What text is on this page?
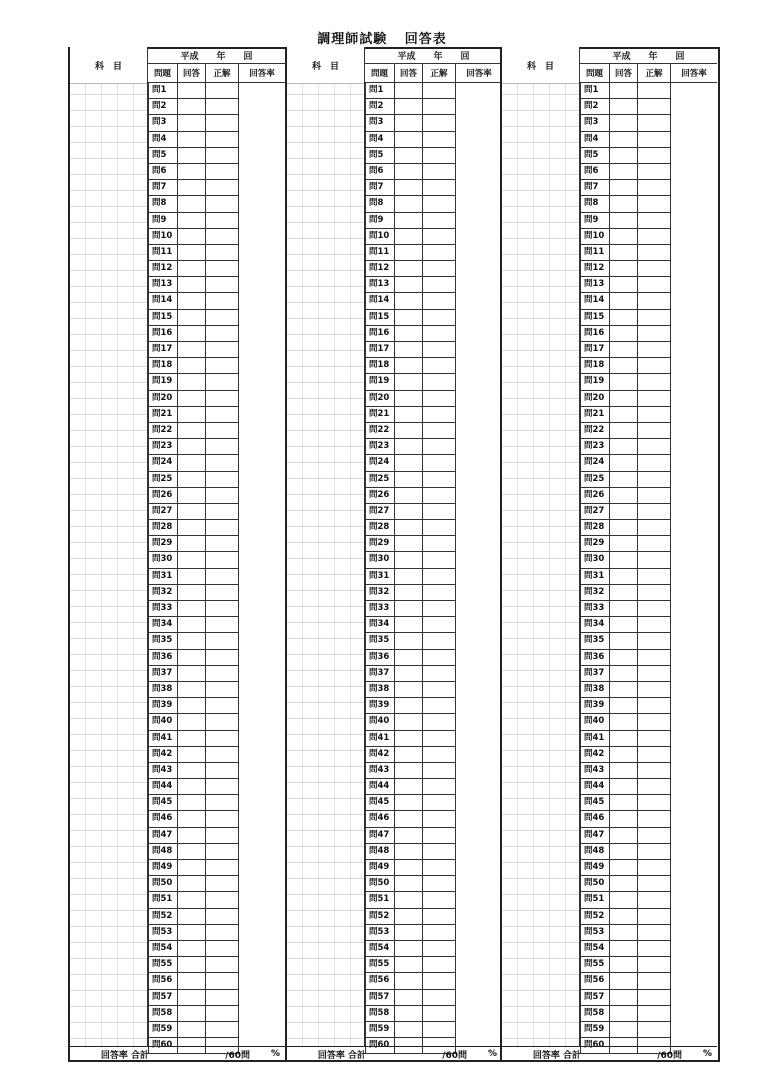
調理師試験 回答表
科　目
平成 年 回
問題	回答	正解	回答率
問1
問2
問3
問4
問5
問6
問7
問8
問9
問10
問11
問12
問13
問14
問15
問16
問17
問18
問19
問20
問21
問22
問23
問24
問25
問26
問27
問28
問29
問30
問31
問32
問33
問34
問35
問36
問37
問38
問39
問40
問41
問42
問43
問44
問45
問46
問47
問48
問49
問50
問51
問52
問53
問54
問55
問56
問57
問58
問59
問60
回答率 合計	/60問	%
科　目
平成 年 回
問題	回答	正解	回答率
問1
問2
問3
問4
問5
問6
問7
問8
問9
問10
問11
問12
問13
問14
問15
問16
問17
問18
問19
問20
問21
問22
問23
問24
問25
問26
問27
問28
問29
問30
問31
問32
問33
問34
問35
問36
問37
問38
問39
問40
問41
問42
問43
問44
問45
問46
問47
問48
問49
問50
問51
問52
問53
問54
問55
問56
問57
問58
問59
問60
回答率 合計	/60問	%
科　目
平成 年 回
問題	回答	正解	回答率
問1
問2
問3
問4
問5
問6
問7
問8
問9
問10
問11
問12
問13
問14
問15
問16
問17
問18
問19
問20
問21
問22
問23
問24
問25
問26
問27
問28
問29
問30
問31
問32
問33
問34
問35
問36
問37
問38
問39
問40
問41
問42
問43
問44
問45
問46
問47
問48
問49
問50
問51
問52
問53
問54
問55
問56
問57
問58
問59
問60
回答率 合計	/60問	%
